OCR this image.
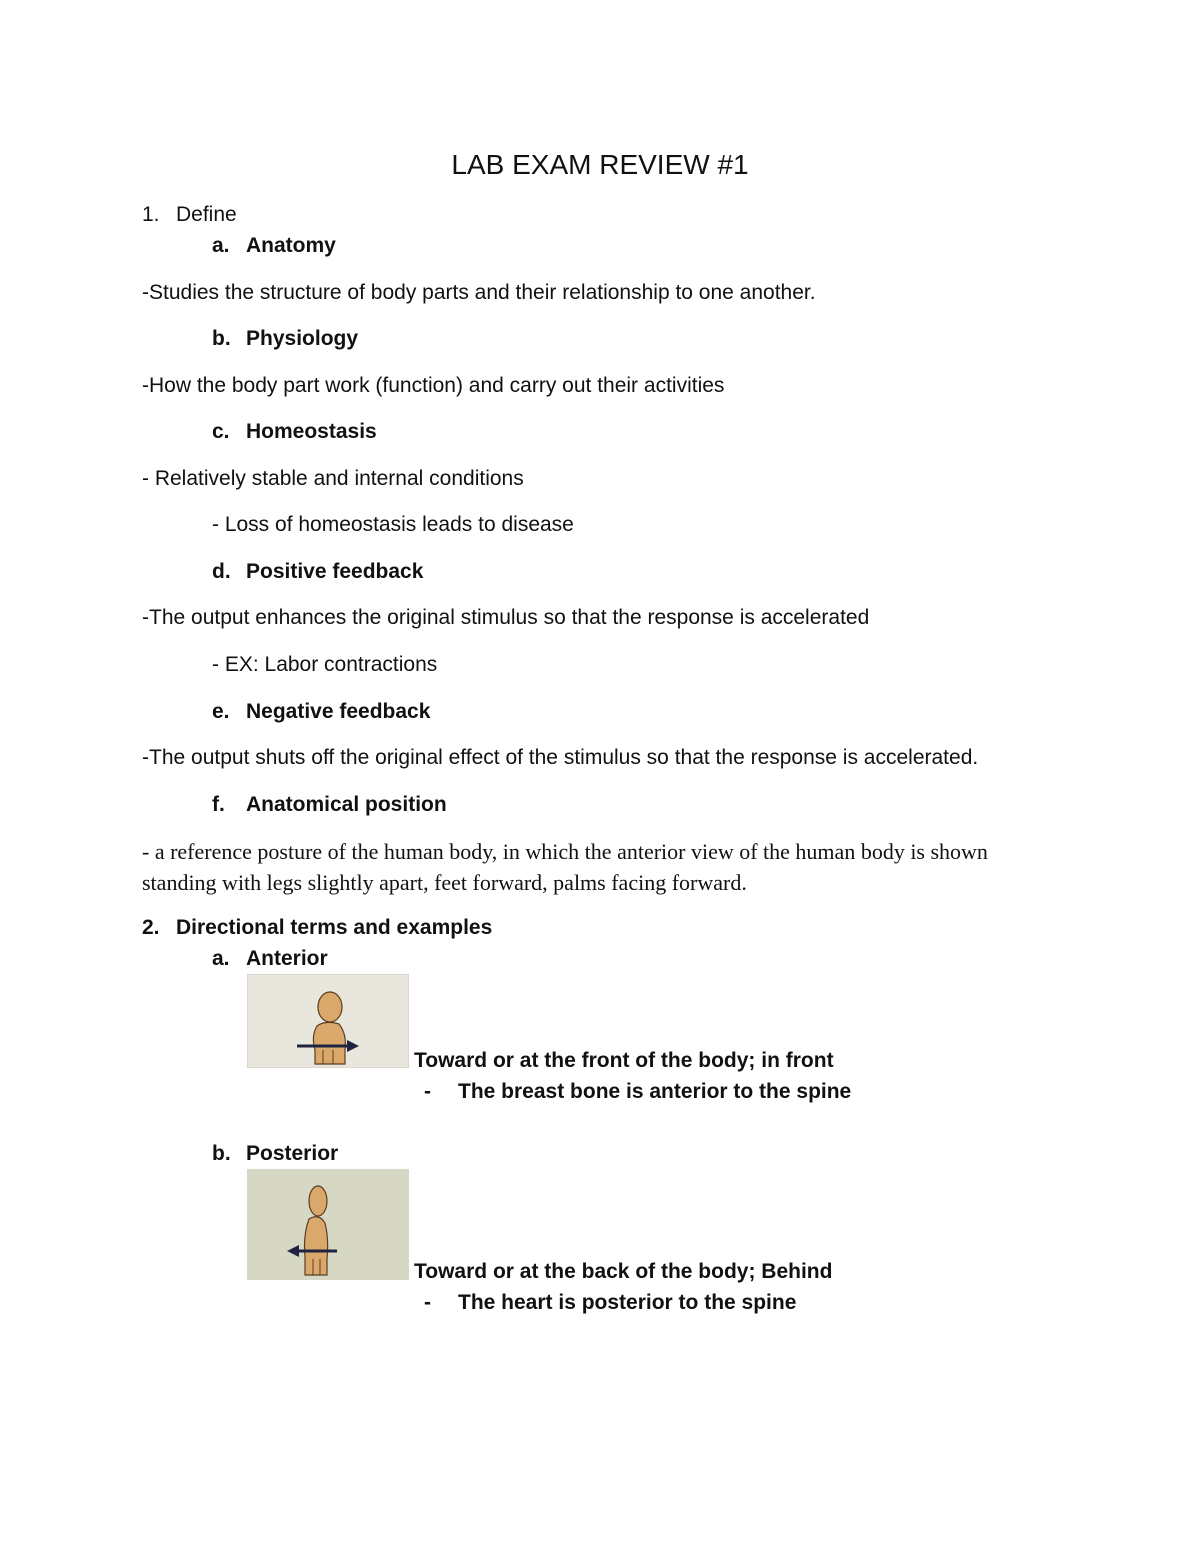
LAB EXAM REVIEW #1
1. Define
a. Anatomy
-Studies the structure of body parts and their relationship to one another.
b. Physiology
-How the body part work (function) and carry out their activities
c. Homeostasis
- Relatively stable and internal conditions
- Loss of homeostasis leads to disease
d. Positive feedback
-The output enhances the original stimulus so that the response is accelerated
- EX: Labor contractions
e. Negative feedback
-The output shuts off the original effect of the stimulus so that the response is accelerated.
f. Anatomical position
- a reference posture of the human body, in which the anterior view of the human body is shown standing with legs slightly apart, feet forward, palms facing forward.
2. Directional terms and examples
a. Anterior
Toward or at the front of the body; in front
- The breast bone is anterior to the spine
b. Posterior
Toward or at the back of the body; Behind
- The heart is posterior to the spine
